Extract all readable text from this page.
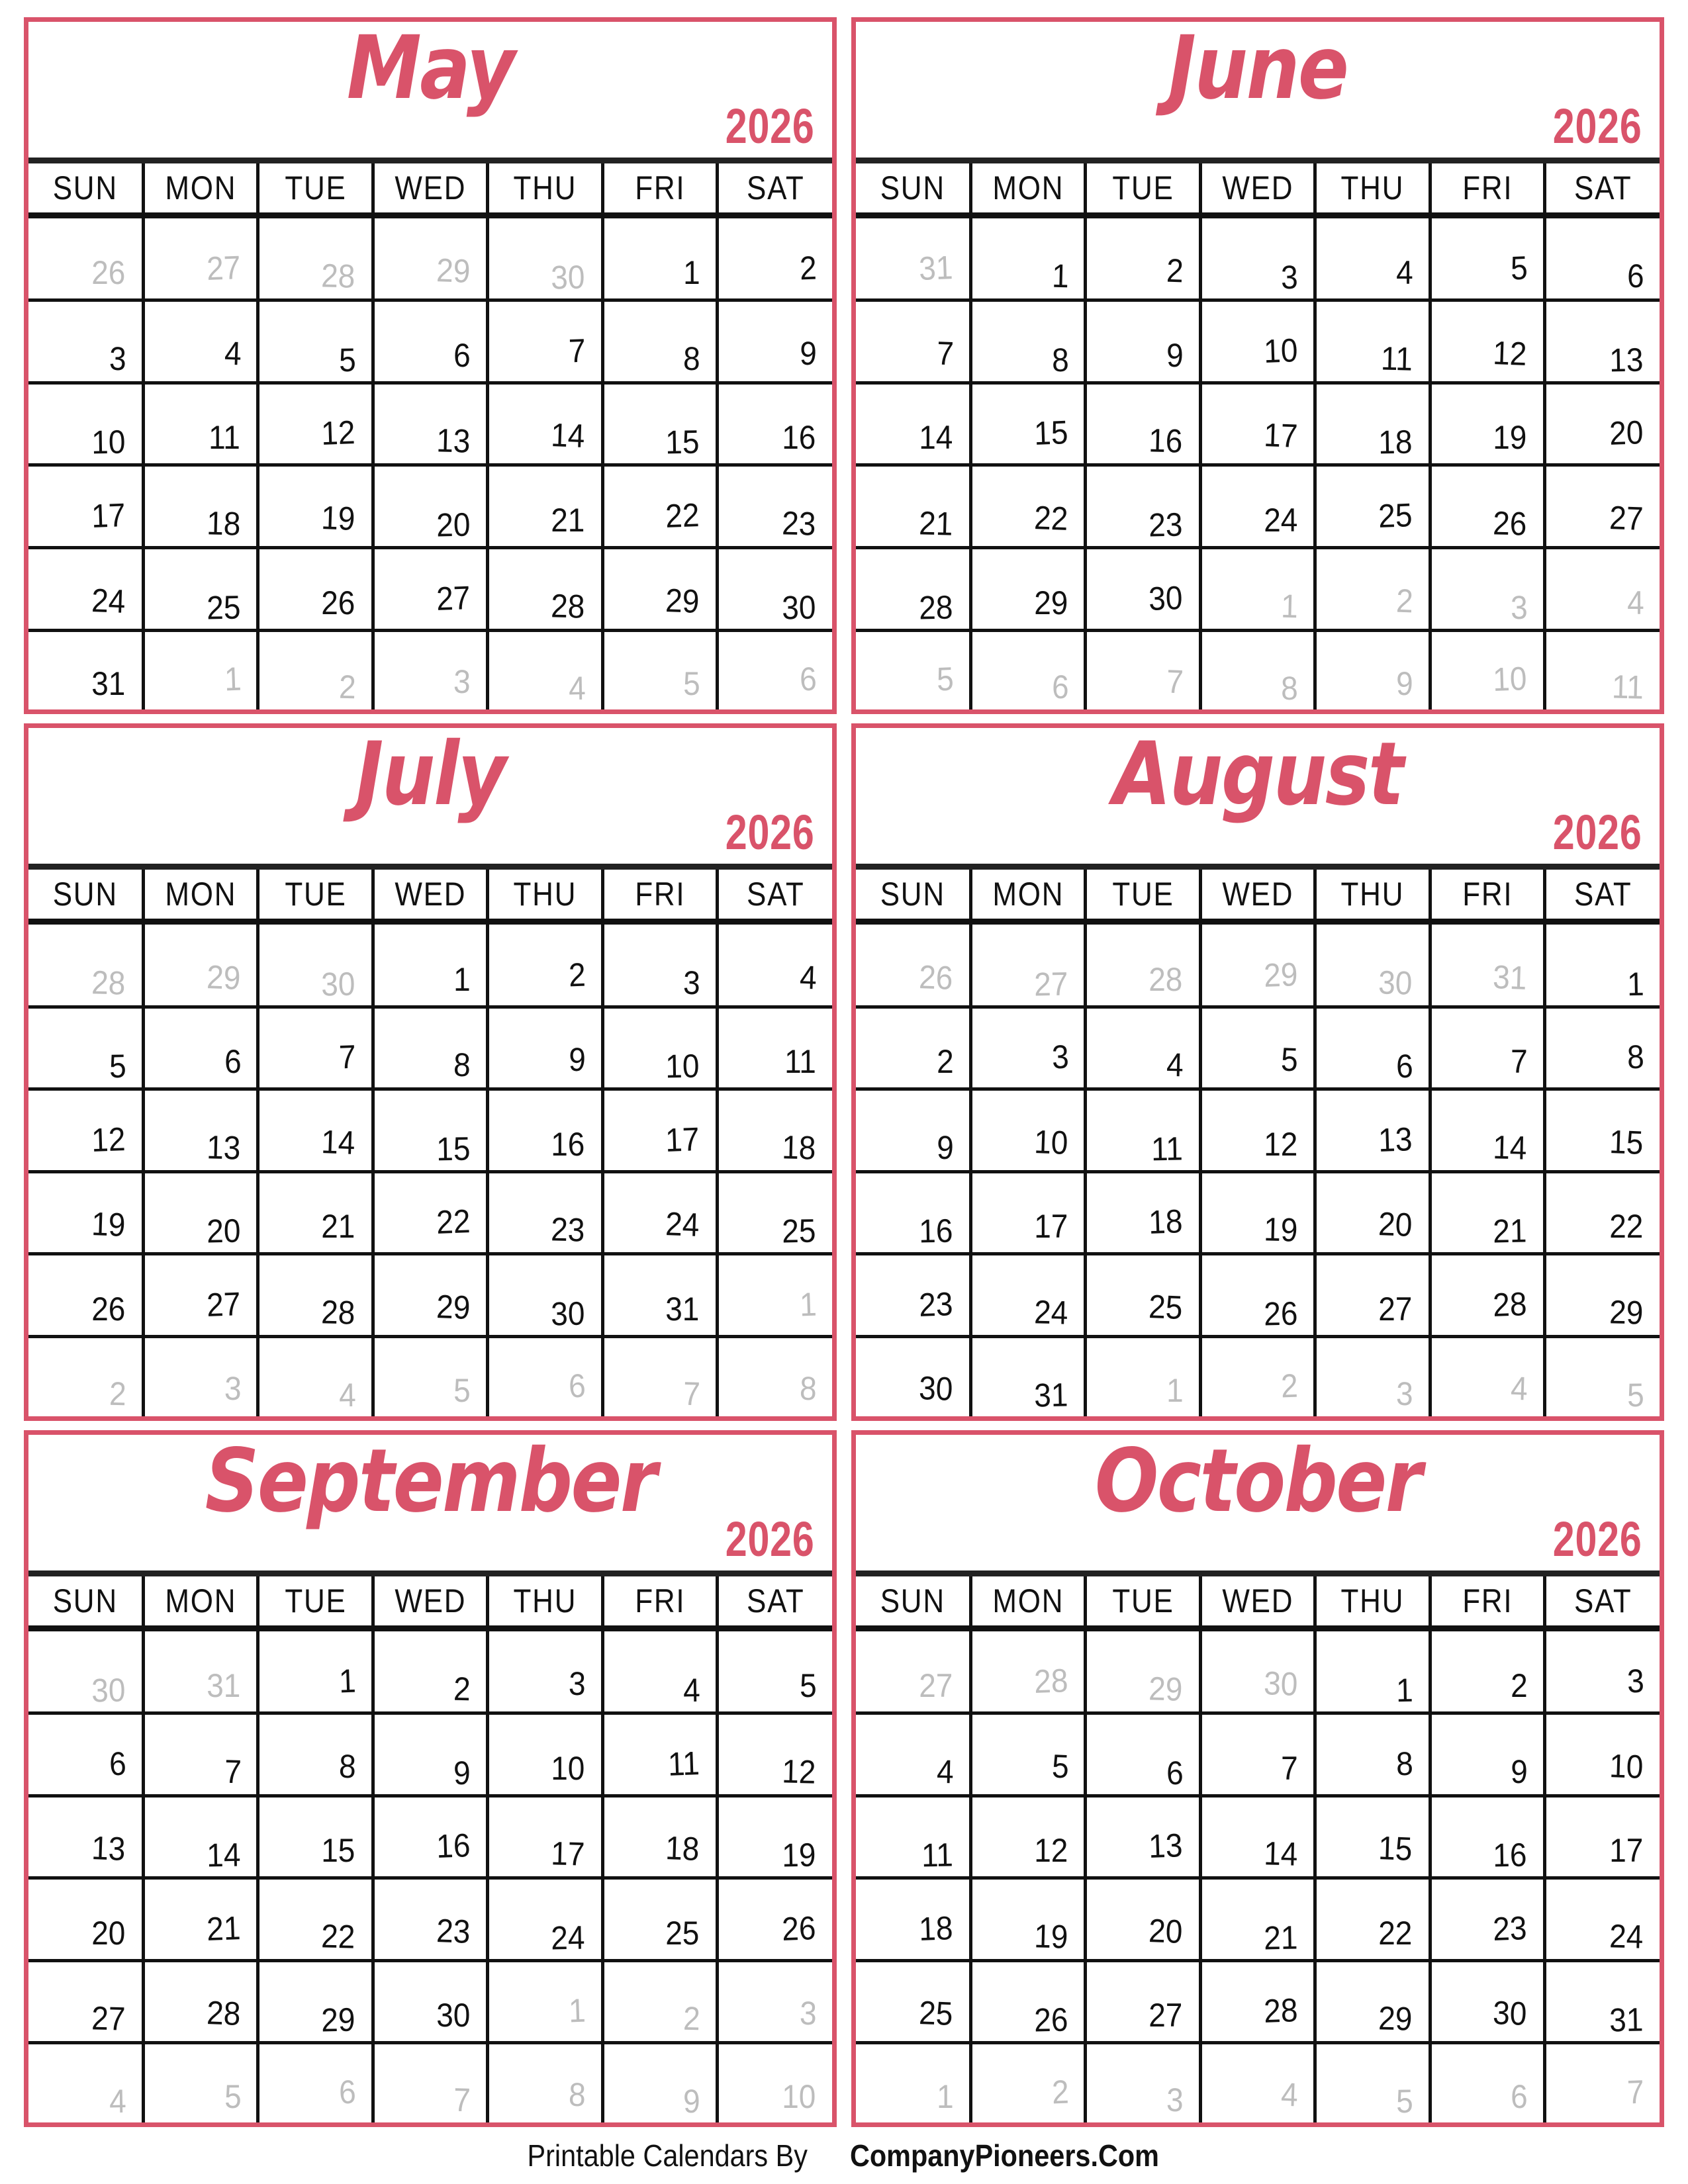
May
2026
SUN	MON	TUE	WED	THU	FRI	SAT
26	27	28	29	30	1	2
3	4	5	6	7	8	9
10	11	12	13	14	15	16
17	18	19	20	21	22	23
24	25	26	27	28	29	30
31	1	2	3	4	5	6
June
2026
SUN	MON	TUE	WED	THU	FRI	SAT
31	1	2	3	4	5	6
7	8	9	10	11	12	13
14	15	16	17	18	19	20
21	22	23	24	25	26	27
28	29	30	1	2	3	4
5	6	7	8	9	10	11
July
2026
SUN	MON	TUE	WED	THU	FRI	SAT
28	29	30	1	2	3	4
5	6	7	8	9	10	11
12	13	14	15	16	17	18
19	20	21	22	23	24	25
26	27	28	29	30	31	1
2	3	4	5	6	7	8
August
2026
SUN	MON	TUE	WED	THU	FRI	SAT
26	27	28	29	30	31	1
2	3	4	5	6	7	8
9	10	11	12	13	14	15
16	17	18	19	20	21	22
23	24	25	26	27	28	29
30	31	1	2	3	4	5
September
2026
SUN	MON	TUE	WED	THU	FRI	SAT
30	31	1	2	3	4	5
6	7	8	9	10	11	12
13	14	15	16	17	18	19
20	21	22	23	24	25	26
27	28	29	30	1	2	3
4	5	6	7	8	9	10
October
2026
SUN	MON	TUE	WED	THU	FRI	SAT
27	28	29	30	1	2	3
4	5	6	7	8	9	10
11	12	13	14	15	16	17
18	19	20	21	22	23	24
25	26	27	28	29	30	31
1	2	3	4	5	6	7
Printable Calendars By CompanyPioneers.Com
